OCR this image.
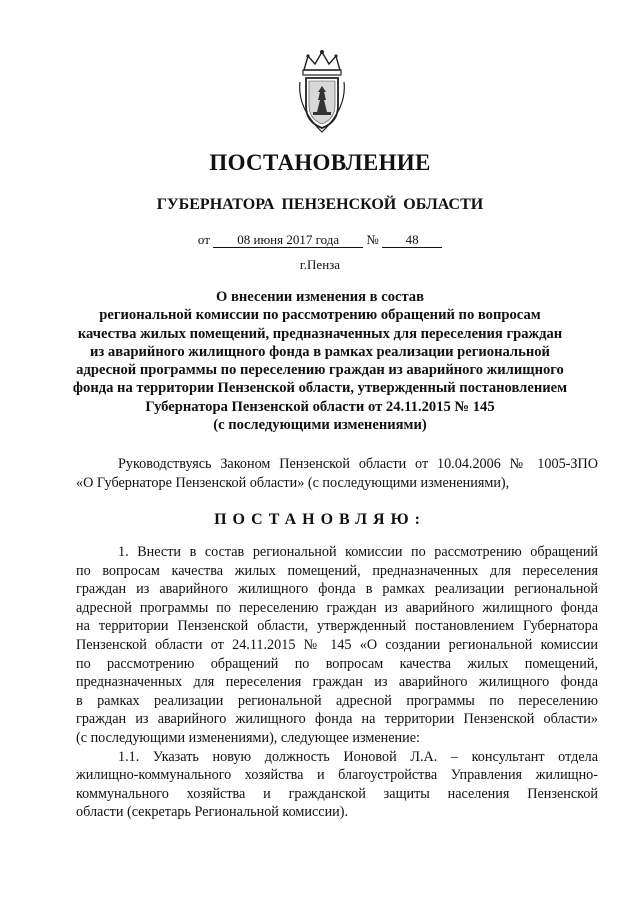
ПОСТАНОВЛЕНИЕ
ГУБЕРНАТОРА ПЕНЗЕНСКОЙ ОБЛАСТИ
от 08 июня 2017 года № 48
г.Пенза
О внесении изменения в состав
региональной комиссии по рассмотрению обращений по вопросам
качества жилых помещений, предназначенных для переселения граждан
из аварийного жилищного фонда в рамках реализации региональной
адресной программы по переселению граждан из аварийного жилищного
фонда на территории Пензенской области, утвержденный постановлением
Губернатора Пензенской области от 24.11.2015 № 145
(с последующими изменениями)
Руководствуясь Законом Пензенской области от 10.04.2006 № 1005-ЗПО
«О Губернаторе Пензенской области» (с последующими изменениями),
ПОСТАНОВЛЯЮ:
1. Внести в состав региональной комиссии по рассмотрению обращений
по вопросам качества жилых помещений, предназначенных для переселения
граждан из аварийного жилищного фонда в рамках реализации региональной
адресной программы по переселению граждан из аварийного жилищного фонда
на территории Пензенской области, утвержденный постановлением Губернатора
Пензенской области от 24.11.2015 № 145 «О создании региональной комиссии
по рассмотрению обращений по вопросам качества жилых помещений,
предназначенных для переселения граждан из аварийного жилищного фонда
в рамках реализации региональной адресной программы по переселению
граждан из аварийного жилищного фонда на территории Пензенской области»
(с последующими изменениями), следующее изменение:
1.1. Указать новую должность Ионовой Л.А. – консультант отдела
жилищно-коммунального хозяйства и благоустройства Управления жилищно-
коммунального хозяйства и гражданской защиты населения Пензенской
области (секретарь Региональной комиссии).
